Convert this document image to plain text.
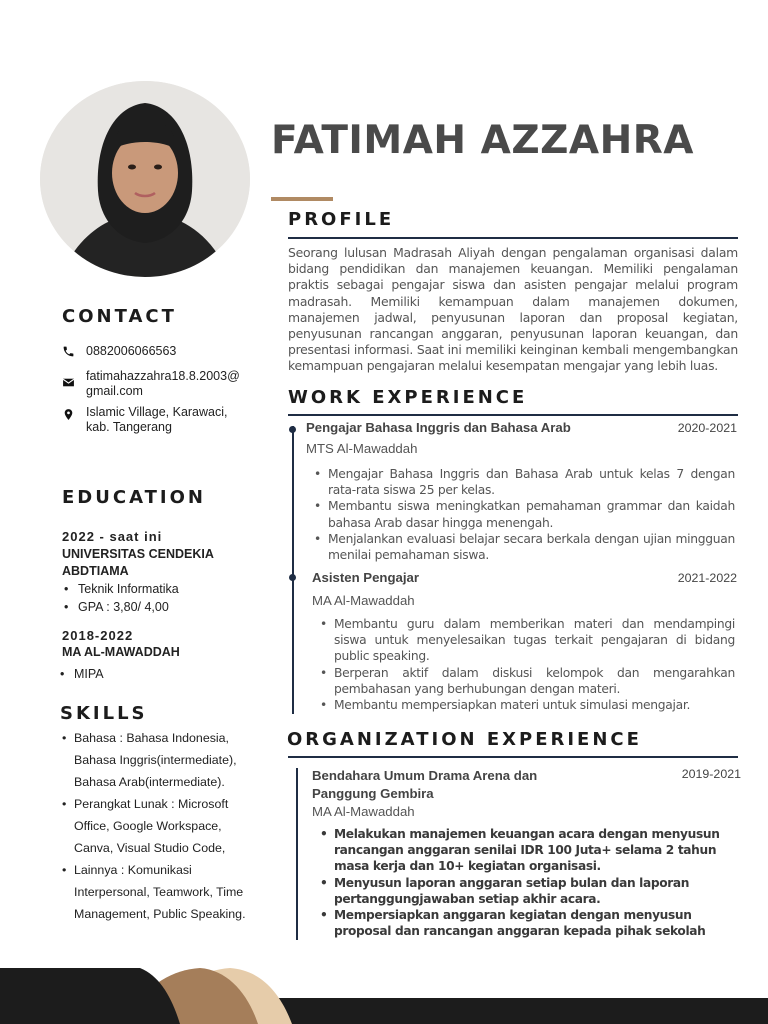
FATIMAH AZZAHRA
PROFILE
Seorang lulusan Madrasah Aliyah dengan pengalaman organisasi dalam bidang pendidikan dan manajemen keuangan. Memiliki pengalaman praktis sebagai pengajar siswa dan asisten pengajar melalui program madrasah. Memiliki kemampuan dalam manajemen dokumen, manajemen jadwal, penyusunan laporan dan proposal kegiatan, penyusunan rancangan anggaran, penyusunan laporan keuangan, dan presentasi informasi. Saat ini memiliki keinginan kembali mengembangkan kemampuan pengajaran melalui kesempatan mengajar yang lebih luas.
CONTACT
0882006066563
fatimahazzahra18.8.2003@
gmail.com
Islamic Village, Karawaci,
kab. Tangerang
EDUCATION
2022 - saat ini
UNIVERSITAS CENDEKIA
ABDTIAMA
• Teknik Informatika
• GPA : 3,80/ 4,00
2018-2022
MA AL-MAWADDAH
• MIPA
SKILLS
• Bahasa : Bahasa Indonesia, Bahasa Inggris(intermediate), Bahasa Arab(intermediate).
• Perangkat Lunak : Microsoft Office, Google Workspace, Canva, Visual Studio Code,
• Lainnya : Komunikasi Interpersonal, Teamwork, Time Management, Public Speaking.
WORK EXPERIENCE
Pengajar Bahasa Inggris dan Bahasa Arab	2020-2021
MTS Al-Mawaddah
• Mengajar Bahasa Inggris dan Bahasa Arab untuk kelas 7 dengan rata-rata siswa 25 per kelas.
• Membantu siswa meningkatkan pemahaman grammar dan kaidah bahasa Arab dasar hingga menengah.
• Menjalankan evaluasi belajar secara berkala dengan ujian mingguan menilai pemahaman siswa.
Asisten Pengajar	2021-2022
MA Al-Mawaddah
• Membantu guru dalam memberikan materi dan mendampingi siswa untuk menyelesaikan tugas terkait pengajaran di bidang public speaking.
• Berperan aktif dalam diskusi kelompok dan mengarahkan pembahasan yang berhubungan dengan materi.
• Membantu mempersiapkan materi untuk simulasi mengajar.
ORGANIZATION EXPERIENCE
Bendahara Umum Drama Arena dan
Panggung Gembira
2019-2021
MA Al-Mawaddah
• Melakukan manajemen keuangan acara dengan menyusun rancangan anggaran senilai IDR 100 Juta+ selama 2 tahun masa kerja dan 10+ kegiatan organisasi.
• Menyusun laporan anggaran setiap bulan dan laporan pertanggungjawaban setiap akhir acara.
• Mempersiapkan anggaran kegiatan dengan menyusun proposal dan rancangan anggaran kepada pihak sekolah
